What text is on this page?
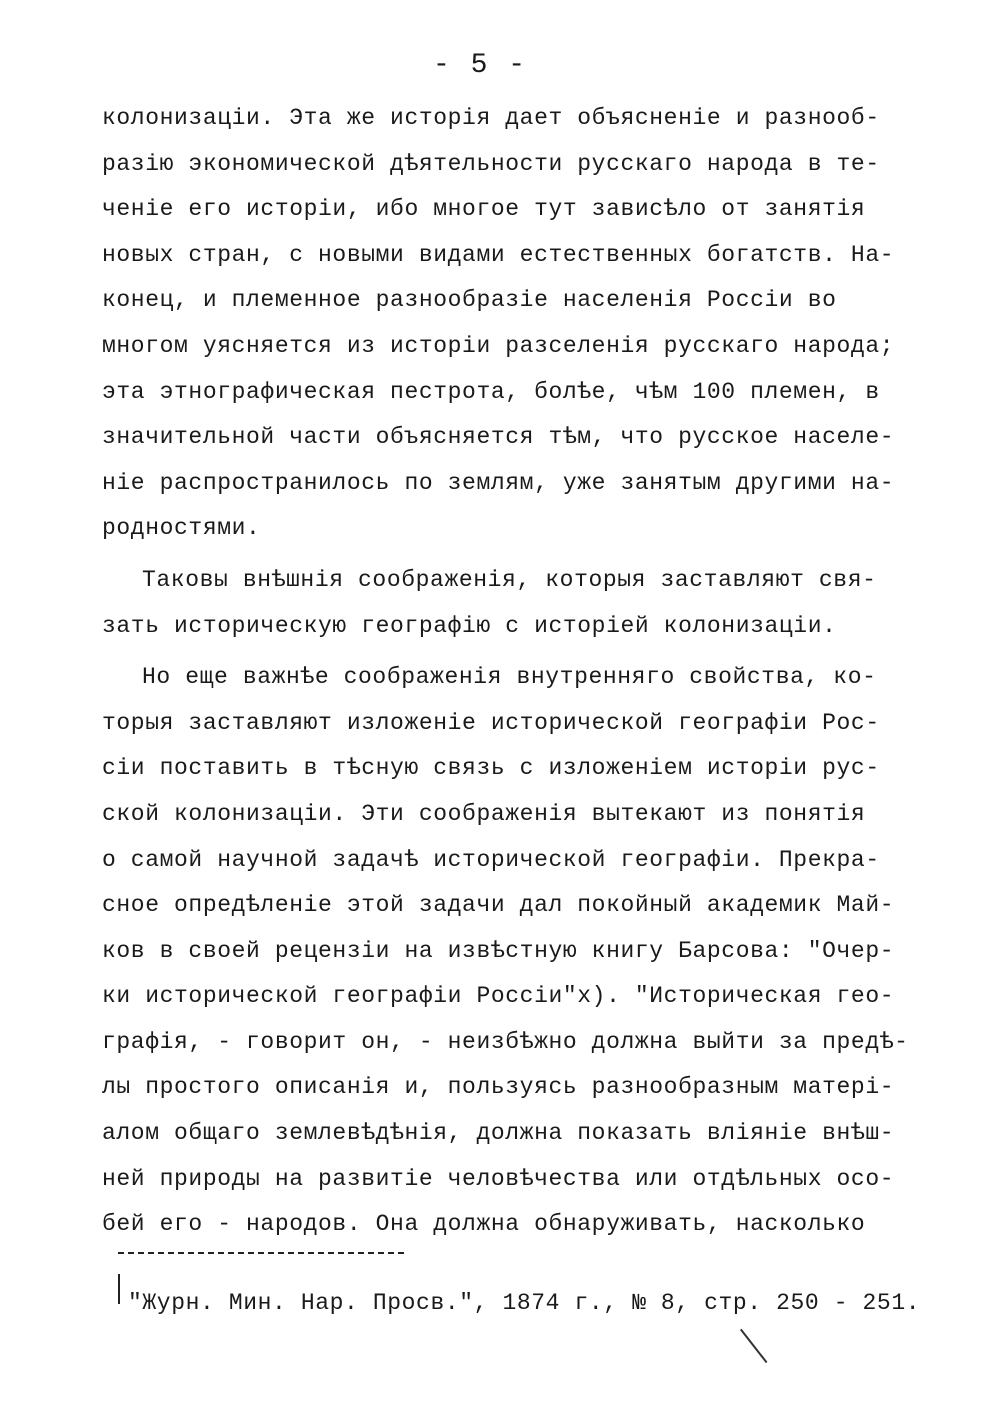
- 5 -
колонизаціи. Эта же исторія дает объясненіе и разнооб-
разію экономической дѣятельности русскаго народа в те-
ченіе его исторіи, ибо многое тут зависѣло от занятія
новых стран, с новыми видами естественных богатств. На-
конец, и племенное разнообразіе населенія Россіи во
многом уясняется из исторіи разселенія русскаго народа;
эта этнографическая пестрота, болѣе, чѣм 100 племен, в
значительной части объясняется тѣм, что русское населе-
ніе распространилось по землям, уже занятым другими на-
родностями.
Таковы внѣшнія соображенія, которыя заставляют свя-
зать историческую географію с исторіей колонизаціи.
Но еще важнѣе соображенія внутренняго свойства, ко-
торыя заставляют изложеніе исторической географіи Рос-
сіи поставить в тѣсную связь с изложеніем исторіи рус-
ской колонизаціи. Эти соображенія вытекают из понятія
о самой научной задачѣ исторической географіи. Прекра-
сное опредѣленіе этой задачи дал покойный академик Май-
ков в своей рецензіи на извѣстную книгу Барсова: "Очер-
ки исторической географіи Россіи"x). "Историческая гео-
графія, - говорит он, - неизбѣжно должна выйти за предѣ-
лы простого описанія и, пользуясь разнообразным матері-
алом общаго землевѣдѣнія, должна показать вліяніе внѣш-
ней природы на развитіе человѣчества или отдѣльных осо-
бей его - народов. Она должна обнаруживать, насколько
"Журн. Мин. Нар. Просв.", 1874 г., № 8, стр. 250 - 251.
